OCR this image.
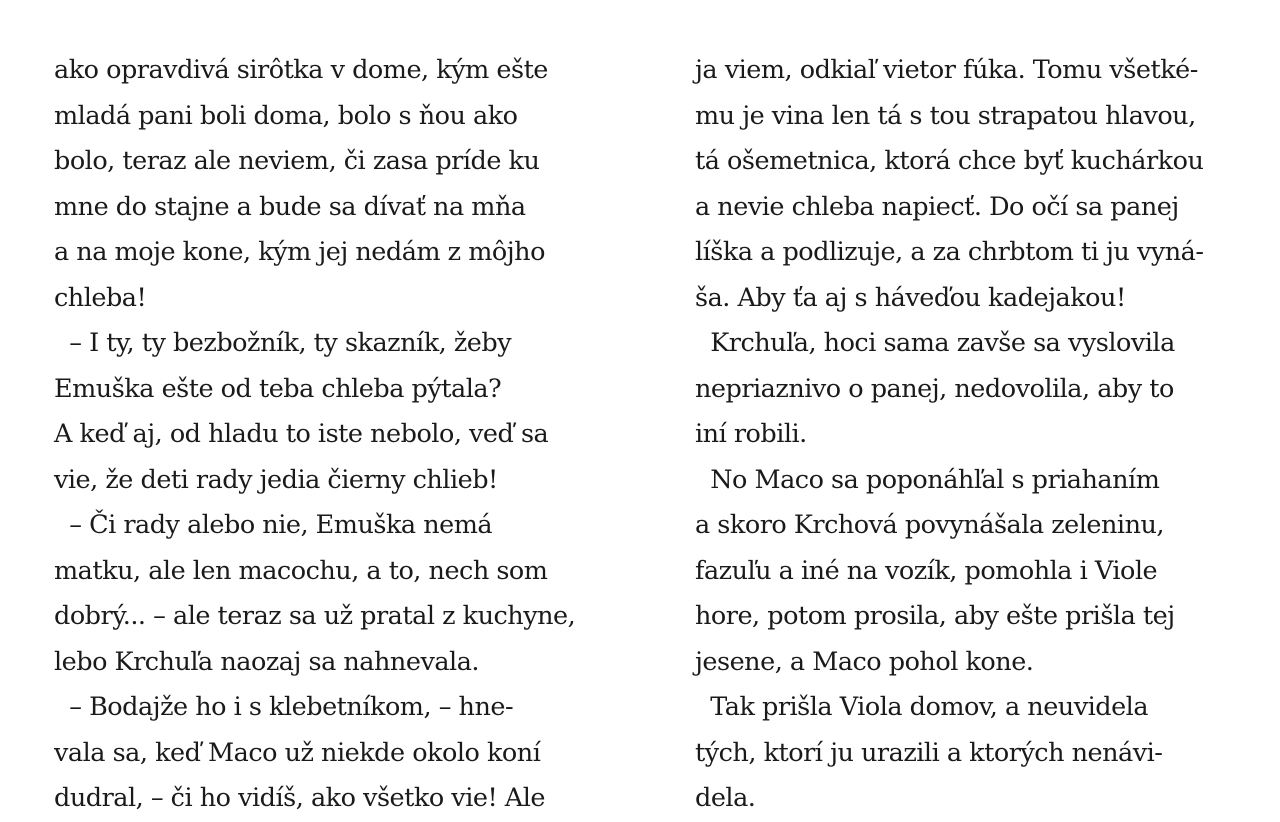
ako opravdivá sirôtka v dome, kým ešte
mladá pani boli doma, bolo s ňou ako
bolo, teraz ale neviem, či zasa príde ku
mne do stajne a bude sa dívať na mňa
a na moje kone, kým jej nedám z môjho
chleba!
– I ty, ty bezbožník, ty skazník, žeby
Emuška ešte od teba chleba pýtala?
A keď aj, od hladu to iste nebolo, veď sa
vie, že deti rady jedia čierny chlieb!
– Či rady alebo nie, Emuška nemá
matku, ale len macochu, a to, nech som
dobrý... – ale teraz sa už pratal z kuchyne,
lebo Krchuľa naozaj sa nahnevala.
– Bodajže ho i s klebetníkom, – hne-
vala sa, keď Maco už niekde okolo koní
dudral, – či ho vidíš, ako všetko vie! Ale
ja viem, odkiaľ vietor fúka. Tomu všetké-
mu je vina len tá s tou strapatou hlavou,
tá ošemetnica, ktorá chce byť kuchárkou
a nevie chleba napiecť. Do očí sa panej
líška a podlizuje, a za chrbtom ti ju vyná-
ša. Aby ťa aj s háveďou kadejakou!
Krchuľa, hoci sama zavše sa vyslovila
nepriaznivo o panej, nedovolila, aby to
iní robili.
No Maco sa poponáhľal s priahaním
a skoro Krchová povynášala zeleninu,
fazuľu a iné na vozík, pomohla i Viole
hore, potom prosila, aby ešte prišla tej
jesene, a Maco pohol kone.
Tak prišla Viola domov, a neuvidela
tých, ktorí ju urazili a ktorých nenávi-
dela.
